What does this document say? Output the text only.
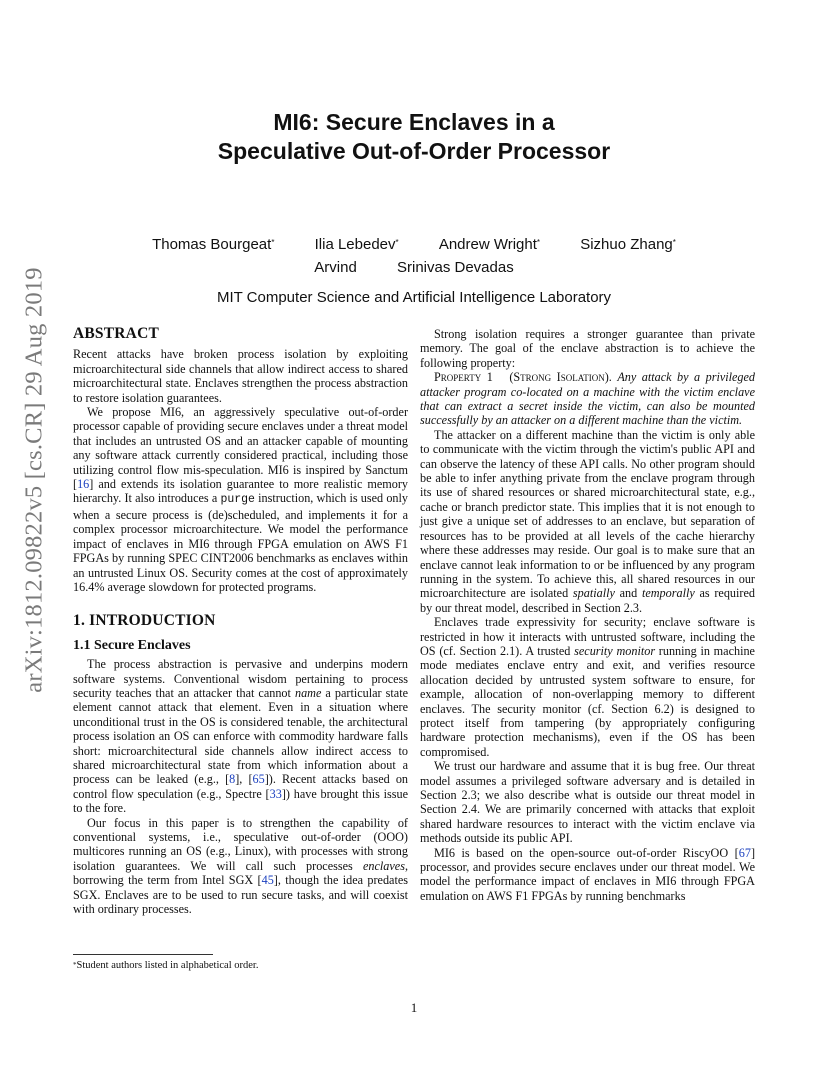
arXiv:1812.09822v5 [cs.CR] 29 Aug 2019
MI6: Secure Enclaves in a
Speculative Out-of-Order Processor
Thomas Bourgeat*	Ilia Lebedev*	Andrew Wright*	Sizhuo Zhang*
Arvind	Srinivas Devadas
MIT Computer Science and Artificial Intelligence Laboratory
ABSTRACT

Recent attacks have broken process isolation by exploiting microarchitectural side channels that allow indirect access to shared microarchitectural state. Enclaves strengthen the process abstraction to restore isolation guarantees.

We propose MI6, an aggressively speculative out-of-order processor capable of providing secure enclaves under a threat model that includes an untrusted OS and an attacker capable of mounting any software attack currently considered practical, including those utilizing control flow mis-speculation. MI6 is inspired by Sanctum [16] and extends its isolation guarantee to more realistic memory hierarchy. It also introduces a purge instruction, which is used only when a secure process is (de)scheduled, and implements it for a complex processor microarchitecture. We model the performance impact of enclaves in MI6 through FPGA emulation on AWS F1 FPGAs by running SPEC CINT2006 benchmarks as enclaves within an untrusted Linux OS. Security comes at the cost of approximately 16.4% average slowdown for protected programs.

1. INTRODUCTION
1.1 Secure Enclaves

The process abstraction is pervasive and underpins modern software systems. Conventional wisdom pertaining to process security teaches that an attacker that cannot name a particular state element cannot attack that element. Even in a situation where unconditional trust in the OS is considered tenable, the architectural process isolation an OS can enforce with commodity hardware falls short: microarchitectural side channels allow indirect access to shared microarchitectural state from which information about a process can be leaked (e.g., [8], [65]). Recent attacks based on control flow speculation (e.g., Spectre [33]) have brought this issue to the fore.

Our focus in this paper is to strengthen the capability of conventional systems, i.e., speculative out-of-order (OOO) multicores running an OS (e.g., Linux), with processes with strong isolation guarantees. We will call such processes enclaves, borrowing the term from Intel SGX [45], though the idea predates SGX. Enclaves are to be used to run secure tasks, and will coexist with ordinary processes.

Strong isolation requires a stronger guarantee than private memory. The goal of the enclave abstraction is to achieve the following property:

Property 1 (Strong Isolation). Any attack by a privileged attacker program co-located on a machine with the victim enclave that can extract a secret inside the victim, can also be mounted successfully by an attacker on a different machine than the victim.

The attacker on a different machine than the victim is only able to communicate with the victim through the victim's public API and can observe the latency of these API calls. No other program should be able to infer anything private from the enclave program through its use of shared resources or shared microarchitectural state, e.g., cache or branch predictor state. This implies that it is not enough to just give a unique set of addresses to an enclave, but separation of resources has to be provided at all levels of the cache hierarchy where these addresses may reside. Our goal is to make sure that an enclave cannot leak information to or be influenced by any program running in the system. To achieve this, all shared resources in our microarchitecture are isolated spatially and temporally as required by our threat model, described in Section 2.3.

Enclaves trade expressivity for security; enclave software is restricted in how it interacts with untrusted software, including the OS (cf. Section 2.1). A trusted security monitor running in machine mode mediates enclave entry and exit, and verifies resource allocation decided by untrusted system software to ensure, for example, allocation of non-overlapping memory to different enclaves. The security monitor (cf. Section 6.2) is designed to protect itself from tampering (by appropriately configuring hardware protection mechanisms), even if the OS has been compromised.

We trust our hardware and assume that it is bug free. Our threat model assumes a privileged software adversary and is detailed in Section 2.3; we also describe what is outside our threat model in Section 2.4. We are primarily concerned with attacks that exploit shared hardware resources to interact with the victim enclave via methods outside its public API.

MI6 is based on the open-source out-of-order RiscyOO [67] processor, and provides secure enclaves under our threat model. We model the performance impact of enclaves in MI6 through FPGA emulation on AWS F1 FPGAs by running benchmarks

*Student authors listed in alphabetical order.
1
